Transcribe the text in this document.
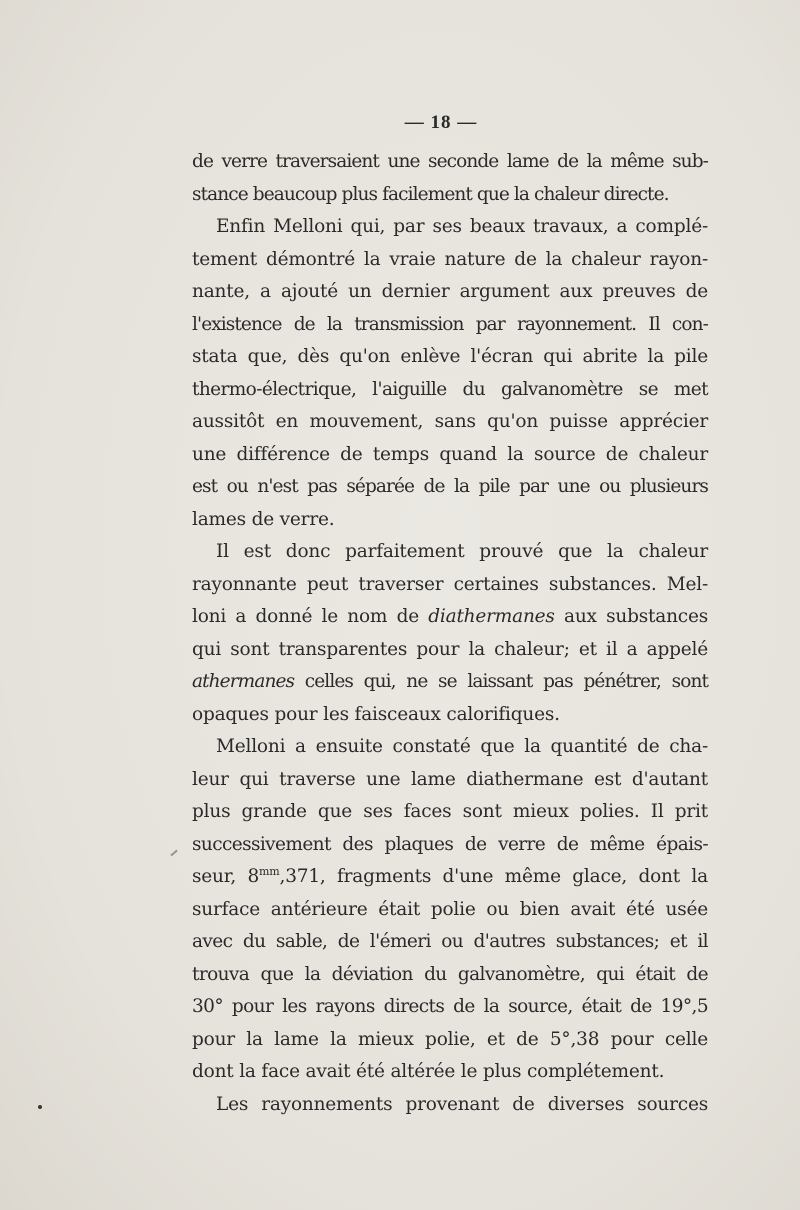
— 18 —
de verre traversaient une seconde lame de la même sub-
stance beaucoup plus facilement que la chaleur directe.
Enfin Melloni qui, par ses beaux travaux, a complé-
tement démontré la vraie nature de la chaleur rayon-
nante, a ajouté un dernier argument aux preuves de
l'existence de la transmission par rayonnement. Il con-
stata que, dès qu'on enlève l'écran qui abrite la pile
thermo-électrique, l'aiguille du galvanomètre se met
aussitôt en mouvement, sans qu'on puisse apprécier
une différence de temps quand la source de chaleur
est ou n'est pas séparée de la pile par une ou plusieurs
lames de verre.
Il est donc parfaitement prouvé que la chaleur
rayonnante peut traverser certaines substances. Mel-
loni a donné le nom de diathermanes aux substances
qui sont transparentes pour la chaleur; et il a appelé
athermanes celles qui, ne se laissant pas pénétrer, sont
opaques pour les faisceaux calorifiques.
Melloni a ensuite constaté que la quantité de cha-
leur qui traverse une lame diathermane est d'autant
plus grande que ses faces sont mieux polies. Il prit
successivement des plaques de verre de même épais-
seur, $8^{mm},371$, fragments d'une même glace, dont la
surface antérieure était polie ou bien avait été usée
avec du sable, de l'émeri ou d'autres substances; et il
trouva que la déviation du galvanomètre, qui était de
30° pour les rayons directs de la source, était de 19°,5
pour la lame la mieux polie, et de 5°,38 pour celle
dont la face avait été altérée le plus complétement.
Les rayonnements provenant de diverses sources
